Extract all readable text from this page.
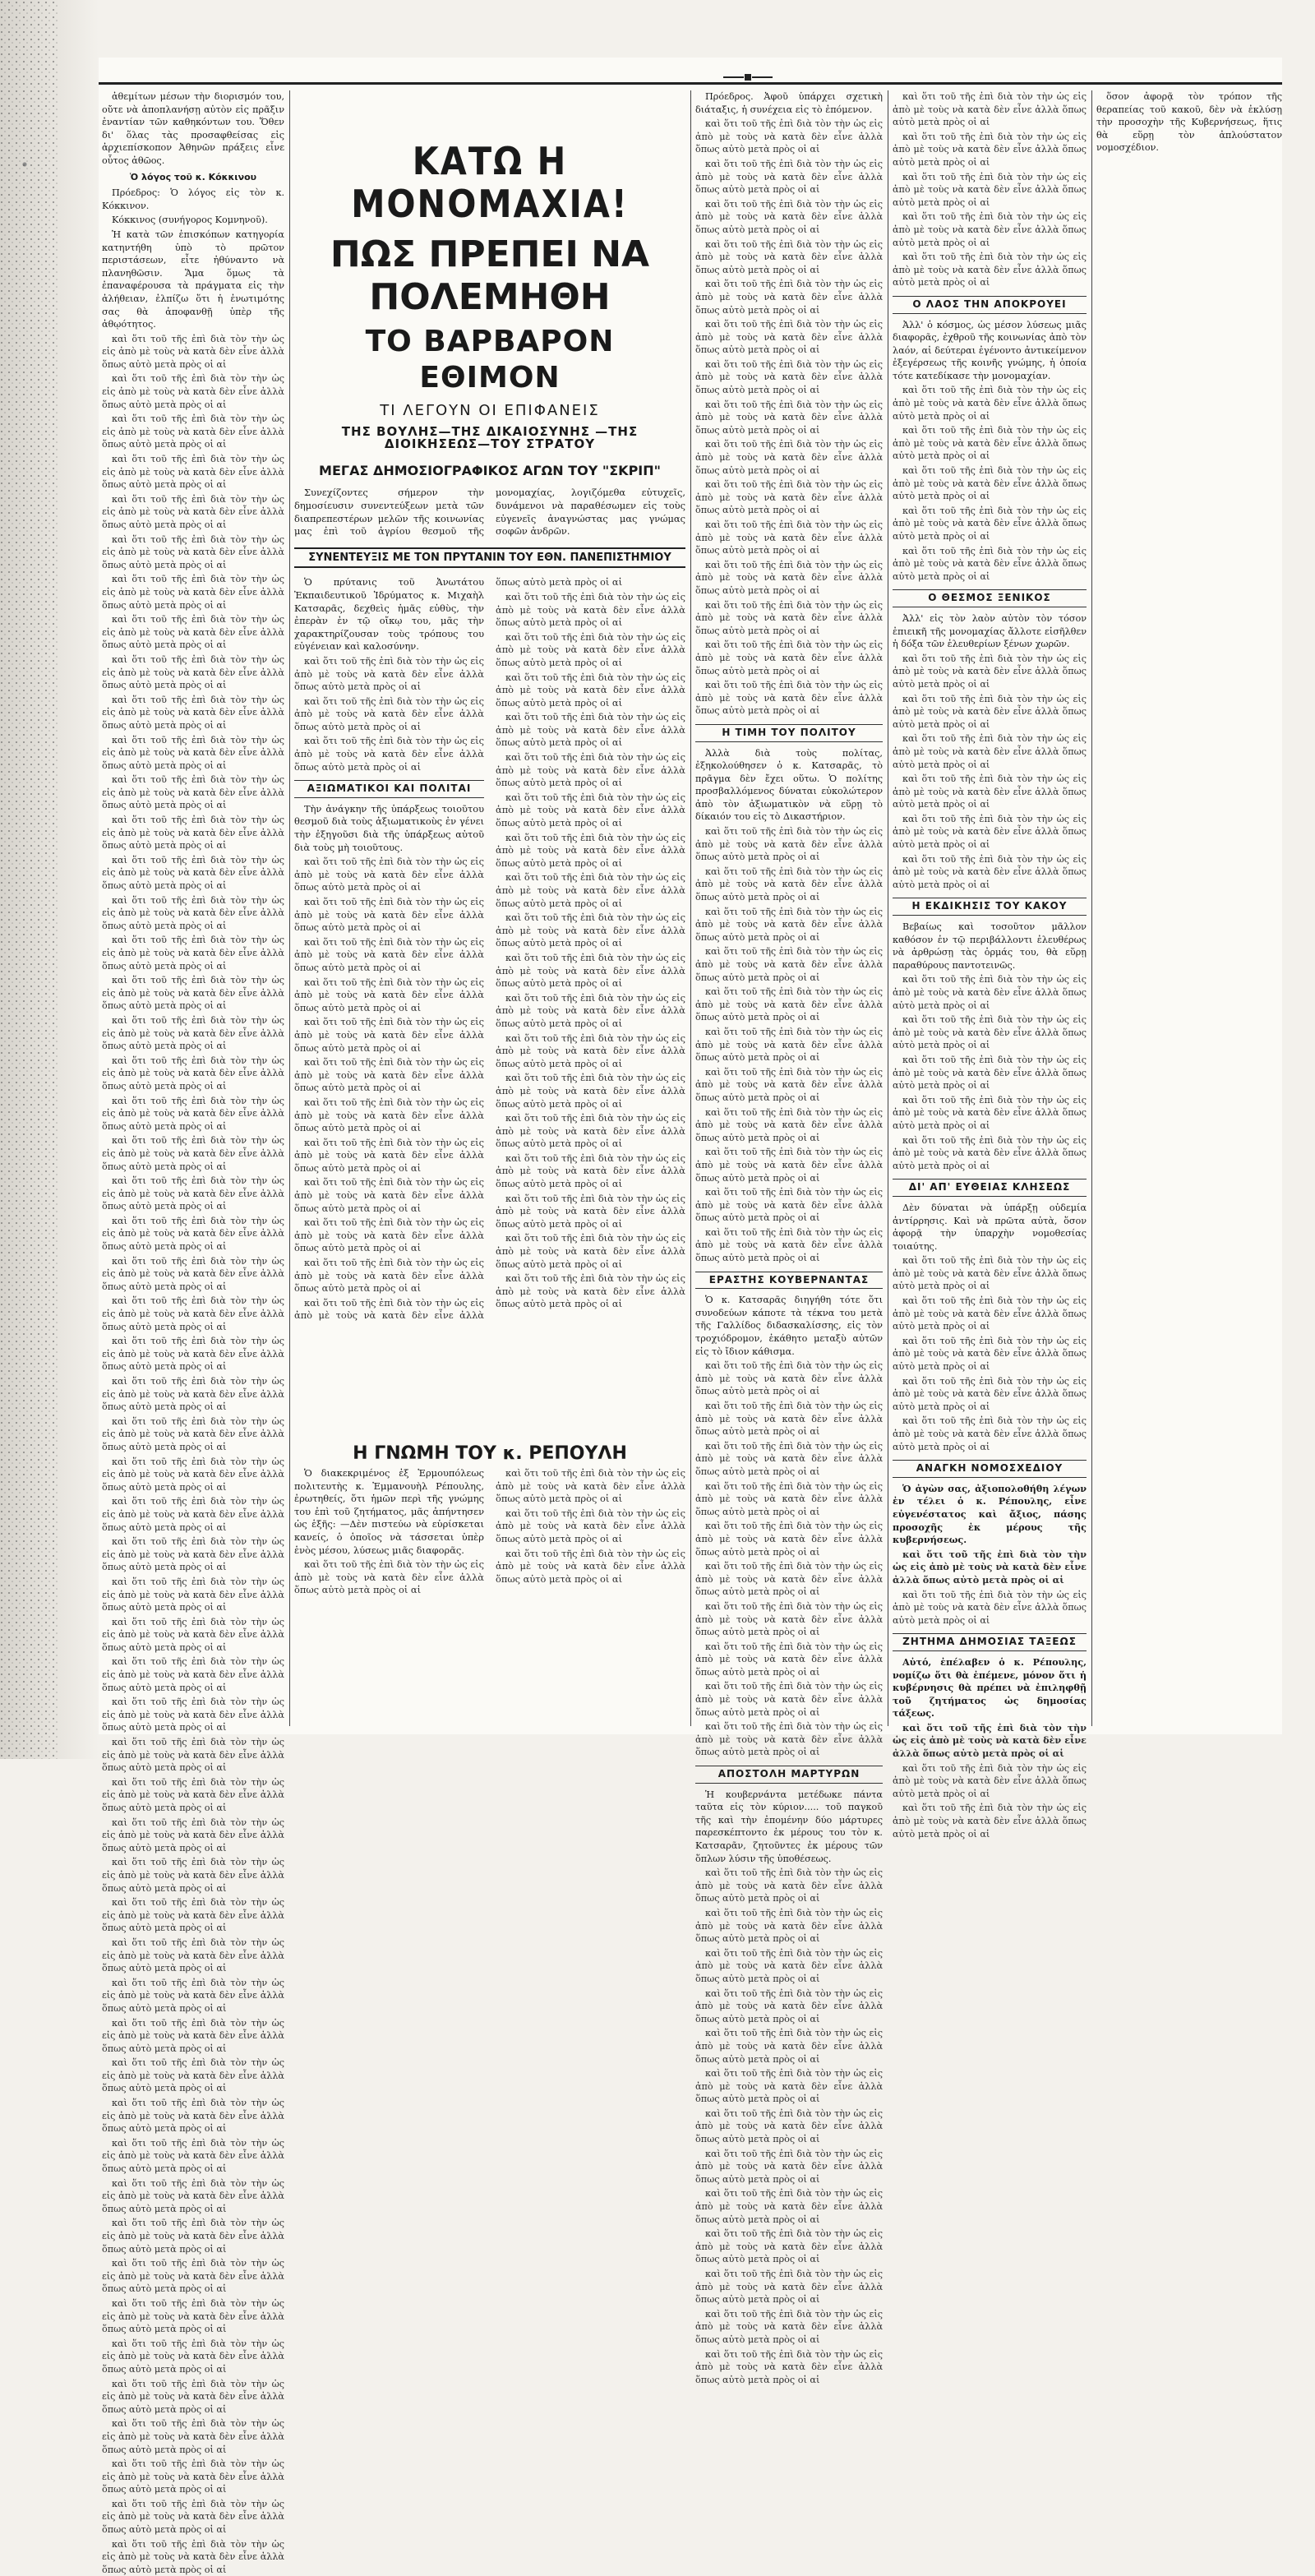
ἀθεμίτων μέσων τὴν διορισμόν του, οὔτε νὰ ἀποπλανήσῃ αὐτὸν εἰς πρᾶξιν ἐναντίαν τῶν καθηκόντων του. Ὅθεν δι' ὅλας τὰς προσαφθείσας εἰς ἀρχιεπίσκοπον Ἀθηνῶν πράξεις εἶνε οὗτος ἀθῶος.

Ὁ λόγος τοῦ κ. Κόκκινου

Πρόεδρος: Ὁ λόγος εἰς τὸν κ. Κόκκινον.

Κόκκινος (συνήγορος Κομνηνοῦ).

Ἡ κατὰ τῶν ἐπισκόπων κατηγορία κατηντήθη ὑπὸ τὸ πρῶτον περιστάσεων, εἶτε ἠθύναντο νὰ πλανηθῶσιν. Ἅμα ὅμως τὰ ἐπαναφέρουσα τὰ πράγματα εἰς τὴν ἀλήθειαν, ἐλπίζω ὅτι ἡ ἐνωτιμότης σας θὰ ἀποφανθῇ ὑπὲρ τῆς ἀθῳότητος.

καὶ ὅτι τοῦ τῆς ἐπὶ διὰ τὸν τὴν ὡς εἰς ἀπὸ μὲ τοὺς νὰ κατὰ δὲν εἶνε ἀλλὰ ὅπως αὐτὸ μετὰ πρὸς οἱ αἱ

καὶ ὅτι τοῦ τῆς ἐπὶ διὰ τὸν τὴν ὡς εἰς ἀπὸ μὲ τοὺς νὰ κατὰ δὲν εἶνε ἀλλὰ ὅπως αὐτὸ μετὰ πρὸς οἱ αἱ

καὶ ὅτι τοῦ τῆς ἐπὶ διὰ τὸν τὴν ὡς εἰς ἀπὸ μὲ τοὺς νὰ κατὰ δὲν εἶνε ἀλλὰ ὅπως αὐτὸ μετὰ πρὸς οἱ αἱ

καὶ ὅτι τοῦ τῆς ἐπὶ διὰ τὸν τὴν ὡς εἰς ἀπὸ μὲ τοὺς νὰ κατὰ δὲν εἶνε ἀλλὰ ὅπως αὐτὸ μετὰ πρὸς οἱ αἱ

καὶ ὅτι τοῦ τῆς ἐπὶ διὰ τὸν τὴν ὡς εἰς ἀπὸ μὲ τοὺς νὰ κατὰ δὲν εἶνε ἀλλὰ ὅπως αὐτὸ μετὰ πρὸς οἱ αἱ

καὶ ὅτι τοῦ τῆς ἐπὶ διὰ τὸν τὴν ὡς εἰς ἀπὸ μὲ τοὺς νὰ κατὰ δὲν εἶνε ἀλλὰ ὅπως αὐτὸ μετὰ πρὸς οἱ αἱ

καὶ ὅτι τοῦ τῆς ἐπὶ διὰ τὸν τὴν ὡς εἰς ἀπὸ μὲ τοὺς νὰ κατὰ δὲν εἶνε ἀλλὰ ὅπως αὐτὸ μετὰ πρὸς οἱ αἱ

καὶ ὅτι τοῦ τῆς ἐπὶ διὰ τὸν τὴν ὡς εἰς ἀπὸ μὲ τοὺς νὰ κατὰ δὲν εἶνε ἀλλὰ ὅπως αὐτὸ μετὰ πρὸς οἱ αἱ

καὶ ὅτι τοῦ τῆς ἐπὶ διὰ τὸν τὴν ὡς εἰς ἀπὸ μὲ τοὺς νὰ κατὰ δὲν εἶνε ἀλλὰ ὅπως αὐτὸ μετὰ πρὸς οἱ αἱ

καὶ ὅτι τοῦ τῆς ἐπὶ διὰ τὸν τὴν ὡς εἰς ἀπὸ μὲ τοὺς νὰ κατὰ δὲν εἶνε ἀλλὰ ὅπως αὐτὸ μετὰ πρὸς οἱ αἱ

καὶ ὅτι τοῦ τῆς ἐπὶ διὰ τὸν τὴν ὡς εἰς ἀπὸ μὲ τοὺς νὰ κατὰ δὲν εἶνε ἀλλὰ ὅπως αὐτὸ μετὰ πρὸς οἱ αἱ

καὶ ὅτι τοῦ τῆς ἐπὶ διὰ τὸν τὴν ὡς εἰς ἀπὸ μὲ τοὺς νὰ κατὰ δὲν εἶνε ἀλλὰ ὅπως αὐτὸ μετὰ πρὸς οἱ αἱ

καὶ ὅτι τοῦ τῆς ἐπὶ διὰ τὸν τὴν ὡς εἰς ἀπὸ μὲ τοὺς νὰ κατὰ δὲν εἶνε ἀλλὰ ὅπως αὐτὸ μετὰ πρὸς οἱ αἱ

καὶ ὅτι τοῦ τῆς ἐπὶ διὰ τὸν τὴν ὡς εἰς ἀπὸ μὲ τοὺς νὰ κατὰ δὲν εἶνε ἀλλὰ ὅπως αὐτὸ μετὰ πρὸς οἱ αἱ

καὶ ὅτι τοῦ τῆς ἐπὶ διὰ τὸν τὴν ὡς εἰς ἀπὸ μὲ τοὺς νὰ κατὰ δὲν εἶνε ἀλλὰ ὅπως αὐτὸ μετὰ πρὸς οἱ αἱ

καὶ ὅτι τοῦ τῆς ἐπὶ διὰ τὸν τὴν ὡς εἰς ἀπὸ μὲ τοὺς νὰ κατὰ δὲν εἶνε ἀλλὰ ὅπως αὐτὸ μετὰ πρὸς οἱ αἱ

καὶ ὅτι τοῦ τῆς ἐπὶ διὰ τὸν τὴν ὡς εἰς ἀπὸ μὲ τοὺς νὰ κατὰ δὲν εἶνε ἀλλὰ ὅπως αὐτὸ μετὰ πρὸς οἱ αἱ

καὶ ὅτι τοῦ τῆς ἐπὶ διὰ τὸν τὴν ὡς εἰς ἀπὸ μὲ τοὺς νὰ κατὰ δὲν εἶνε ἀλλὰ ὅπως αὐτὸ μετὰ πρὸς οἱ αἱ

καὶ ὅτι τοῦ τῆς ἐπὶ διὰ τὸν τὴν ὡς εἰς ἀπὸ μὲ τοὺς νὰ κατὰ δὲν εἶνε ἀλλὰ ὅπως αὐτὸ μετὰ πρὸς οἱ αἱ

καὶ ὅτι τοῦ τῆς ἐπὶ διὰ τὸν τὴν ὡς εἰς ἀπὸ μὲ τοὺς νὰ κατὰ δὲν εἶνε ἀλλὰ ὅπως αὐτὸ μετὰ πρὸς οἱ αἱ

καὶ ὅτι τοῦ τῆς ἐπὶ διὰ τὸν τὴν ὡς εἰς ἀπὸ μὲ τοὺς νὰ κατὰ δὲν εἶνε ἀλλὰ ὅπως αὐτὸ μετὰ πρὸς οἱ αἱ

καὶ ὅτι τοῦ τῆς ἐπὶ διὰ τὸν τὴν ὡς εἰς ἀπὸ μὲ τοὺς νὰ κατὰ δὲν εἶνε ἀλλὰ ὅπως αὐτὸ μετὰ πρὸς οἱ αἱ

καὶ ὅτι τοῦ τῆς ἐπὶ διὰ τὸν τὴν ὡς εἰς ἀπὸ μὲ τοὺς νὰ κατὰ δὲν εἶνε ἀλλὰ ὅπως αὐτὸ μετὰ πρὸς οἱ αἱ

καὶ ὅτι τοῦ τῆς ἐπὶ διὰ τὸν τὴν ὡς εἰς ἀπὸ μὲ τοὺς νὰ κατὰ δὲν εἶνε ἀλλὰ ὅπως αὐτὸ μετὰ πρὸς οἱ αἱ

καὶ ὅτι τοῦ τῆς ἐπὶ διὰ τὸν τὴν ὡς εἰς ἀπὸ μὲ τοὺς νὰ κατὰ δὲν εἶνε ἀλλὰ ὅπως αὐτὸ μετὰ πρὸς οἱ αἱ

καὶ ὅτι τοῦ τῆς ἐπὶ διὰ τὸν τὴν ὡς εἰς ἀπὸ μὲ τοὺς νὰ κατὰ δὲν εἶνε ἀλλὰ ὅπως αὐτὸ μετὰ πρὸς οἱ αἱ

καὶ ὅτι τοῦ τῆς ἐπὶ διὰ τὸν τὴν ὡς εἰς ἀπὸ μὲ τοὺς νὰ κατὰ δὲν εἶνε ἀλλὰ ὅπως αὐτὸ μετὰ πρὸς οἱ αἱ

καὶ ὅτι τοῦ τῆς ἐπὶ διὰ τὸν τὴν ὡς εἰς ἀπὸ μὲ τοὺς νὰ κατὰ δὲν εἶνε ἀλλὰ ὅπως αὐτὸ μετὰ πρὸς οἱ αἱ

καὶ ὅτι τοῦ τῆς ἐπὶ διὰ τὸν τὴν ὡς εἰς ἀπὸ μὲ τοὺς νὰ κατὰ δὲν εἶνε ἀλλὰ ὅπως αὐτὸ μετὰ πρὸς οἱ αἱ

καὶ ὅτι τοῦ τῆς ἐπὶ διὰ τὸν τὴν ὡς εἰς ἀπὸ μὲ τοὺς νὰ κατὰ δὲν εἶνε ἀλλὰ ὅπως αὐτὸ μετὰ πρὸς οἱ αἱ

καὶ ὅτι τοῦ τῆς ἐπὶ διὰ τὸν τὴν ὡς εἰς ἀπὸ μὲ τοὺς νὰ κατὰ δὲν εἶνε ἀλλὰ ὅπως αὐτὸ μετὰ πρὸς οἱ αἱ

καὶ ὅτι τοῦ τῆς ἐπὶ διὰ τὸν τὴν ὡς εἰς ἀπὸ μὲ τοὺς νὰ κατὰ δὲν εἶνε ἀλλὰ ὅπως αὐτὸ μετὰ πρὸς οἱ αἱ

καὶ ὅτι τοῦ τῆς ἐπὶ διὰ τὸν τὴν ὡς εἰς ἀπὸ μὲ τοὺς νὰ κατὰ δὲν εἶνε ἀλλὰ ὅπως αὐτὸ μετὰ πρὸς οἱ αἱ

καὶ ὅτι τοῦ τῆς ἐπὶ διὰ τὸν τὴν ὡς εἰς ἀπὸ μὲ τοὺς νὰ κατὰ δὲν εἶνε ἀλλὰ ὅπως αὐτὸ μετὰ πρὸς οἱ αἱ

καὶ ὅτι τοῦ τῆς ἐπὶ διὰ τὸν τὴν ὡς εἰς ἀπὸ μὲ τοὺς νὰ κατὰ δὲν εἶνε ἀλλὰ ὅπως αὐτὸ μετὰ πρὸς οἱ αἱ

καὶ ὅτι τοῦ τῆς ἐπὶ διὰ τὸν τὴν ὡς εἰς ἀπὸ μὲ τοὺς νὰ κατὰ δὲν εἶνε ἀλλὰ ὅπως αὐτὸ μετὰ πρὸς οἱ αἱ

καὶ ὅτι τοῦ τῆς ἐπὶ διὰ τὸν τὴν ὡς εἰς ἀπὸ μὲ τοὺς νὰ κατὰ δὲν εἶνε ἀλλὰ ὅπως αὐτὸ μετὰ πρὸς οἱ αἱ

καὶ ὅτι τοῦ τῆς ἐπὶ διὰ τὸν τὴν ὡς εἰς ἀπὸ μὲ τοὺς νὰ κατὰ δὲν εἶνε ἀλλὰ ὅπως αὐτὸ μετὰ πρὸς οἱ αἱ

καὶ ὅτι τοῦ τῆς ἐπὶ διὰ τὸν τὴν ὡς εἰς ἀπὸ μὲ τοὺς νὰ κατὰ δὲν εἶνε ἀλλὰ ὅπως αὐτὸ μετὰ πρὸς οἱ αἱ

καὶ ὅτι τοῦ τῆς ἐπὶ διὰ τὸν τὴν ὡς εἰς ἀπὸ μὲ τοὺς νὰ κατὰ δὲν εἶνε ἀλλὰ ὅπως αὐτὸ μετὰ πρὸς οἱ αἱ

καὶ ὅτι τοῦ τῆς ἐπὶ διὰ τὸν τὴν ὡς εἰς ἀπὸ μὲ τοὺς νὰ κατὰ δὲν εἶνε ἀλλὰ ὅπως αὐτὸ μετὰ πρὸς οἱ αἱ

καὶ ὅτι τοῦ τῆς ἐπὶ διὰ τὸν τὴν ὡς εἰς ἀπὸ μὲ τοὺς νὰ κατὰ δὲν εἶνε ἀλλὰ ὅπως αὐτὸ μετὰ πρὸς οἱ αἱ

καὶ ὅτι τοῦ τῆς ἐπὶ διὰ τὸν τὴν ὡς εἰς ἀπὸ μὲ τοὺς νὰ κατὰ δὲν εἶνε ἀλλὰ ὅπως αὐτὸ μετὰ πρὸς οἱ αἱ

καὶ ὅτι τοῦ τῆς ἐπὶ διὰ τὸν τὴν ὡς εἰς ἀπὸ μὲ τοὺς νὰ κατὰ δὲν εἶνε ἀλλὰ ὅπως αὐτὸ μετὰ πρὸς οἱ αἱ

καὶ ὅτι τοῦ τῆς ἐπὶ διὰ τὸν τὴν ὡς εἰς ἀπὸ μὲ τοὺς νὰ κατὰ δὲν εἶνε ἀλλὰ ὅπως αὐτὸ μετὰ πρὸς οἱ αἱ

καὶ ὅτι τοῦ τῆς ἐπὶ διὰ τὸν τὴν ὡς εἰς ἀπὸ μὲ τοὺς νὰ κατὰ δὲν εἶνε ἀλλὰ ὅπως αὐτὸ μετὰ πρὸς οἱ αἱ

καὶ ὅτι τοῦ τῆς ἐπὶ διὰ τὸν τὴν ὡς εἰς ἀπὸ μὲ τοὺς νὰ κατὰ δὲν εἶνε ἀλλὰ ὅπως αὐτὸ μετὰ πρὸς οἱ αἱ

καὶ ὅτι τοῦ τῆς ἐπὶ διὰ τὸν τὴν ὡς εἰς ἀπὸ μὲ τοὺς νὰ κατὰ δὲν εἶνε ἀλλὰ ὅπως αὐτὸ μετὰ πρὸς οἱ αἱ

καὶ ὅτι τοῦ τῆς ἐπὶ διὰ τὸν τὴν ὡς εἰς ἀπὸ μὲ τοὺς νὰ κατὰ δὲν εἶνε ἀλλὰ ὅπως αὐτὸ μετὰ πρὸς οἱ αἱ

καὶ ὅτι τοῦ τῆς ἐπὶ διὰ τὸν τὴν ὡς εἰς ἀπὸ μὲ τοὺς νὰ κατὰ δὲν εἶνε ἀλλὰ ὅπως αὐτὸ μετὰ πρὸς οἱ αἱ

καὶ ὅτι τοῦ τῆς ἐπὶ διὰ τὸν τὴν ὡς εἰς ἀπὸ μὲ τοὺς νὰ κατὰ δὲν εἶνε ἀλλὰ ὅπως αὐτὸ μετὰ πρὸς οἱ αἱ

καὶ ὅτι τοῦ τῆς ἐπὶ διὰ τὸν τὴν ὡς εἰς ἀπὸ μὲ τοὺς νὰ κατὰ δὲν εἶνε ἀλλὰ ὅπως αὐτὸ μετὰ πρὸς οἱ αἱ

καὶ ὅτι τοῦ τῆς ἐπὶ διὰ τὸν τὴν ὡς εἰς ἀπὸ μὲ τοὺς νὰ κατὰ δὲν εἶνε ἀλλὰ ὅπως αὐτὸ μετὰ πρὸς οἱ αἱ

καὶ ὅτι τοῦ τῆς ἐπὶ διὰ τὸν τὴν ὡς εἰς ἀπὸ μὲ τοὺς νὰ κατὰ δὲν εἶνε ἀλλὰ ὅπως αὐτὸ μετὰ πρὸς οἱ αἱ

καὶ ὅτι τοῦ τῆς ἐπὶ διὰ τὸν τὴν ὡς εἰς ἀπὸ μὲ τοὺς νὰ κατὰ δὲν εἶνε ἀλλὰ ὅπως αὐτὸ μετὰ πρὸς οἱ αἱ

καὶ ὅτι τοῦ τῆς ἐπὶ διὰ τὸν τὴν ὡς εἰς ἀπὸ μὲ τοὺς νὰ κατὰ δὲν εἶνε ἀλλὰ ὅπως αὐτὸ μετὰ πρὸς οἱ αἱ

ΚΑΤΩ Η ΜΟΝΟΜΑΧΙΑ!
ΠΩΣ ΠΡΕΠΕΙ ΝΑ ΠΟΛΕΜΗΘΗ
ΤΟ ΒΑΡΒΑΡΟΝ ΕΘΙΜΟΝ
ΤΙ ΛΕΓΟΥΝ ΟΙ ΕΠΙΦΑΝΕΙΣ
ΤΗΣ ΒΟΥΛΗΣ—ΤΗΣ ΔΙΚΑΙΟΣΥΝΗΣ —ΤΗΣ ΔΙΟΙΚΗΣΕΩΣ—ΤΟΥ ΣΤΡΑΤΟΥ
ΜΕΓΑΣ ΔΗΜΟΣΙΟΓΡΑΦΙΚΟΣ ΑΓΩΝ ΤΟΥ "ΣΚΡΙΠ"

Συνεχίζοντες σήμερον τὴν δημοσίευσιν συνεντεύξεων μετὰ τῶν διαπρεπεστέρων μελῶν τῆς κοινωνίας μας ἐπὶ τοῦ ἀγρίου θεσμοῦ τῆς μονομαχίας, λογιζόμεθα εὐτυχεῖς, δυνάμενοι νὰ παραθέσωμεν εἰς τοὺς εὐγενεῖς ἀναγνώστας μας γνώμας σοφῶν ἀνδρῶν.

ΣΥΝΕΝΤΕΥΞΙΣ ΜΕ ΤΟΝ ΠΡΥΤΑΝΙΝ ΤΟΥ ΕΘΝ. ΠΑΝΕΠΙΣΤΗΜΙΟΥ

Ὁ πρύτανις τοῦ Ἀνωτάτου Ἐκπαιδευτικοῦ Ἱδρύματος κ. Μιχαὴλ Κατσαρᾶς, δεχθεὶς ἡμᾶς εὐθὺς, τὴν ἐπερὰν ἐν τῷ οἴκῳ του, μᾶς τὴν χαρακτηρίζουσαν τοὺς τρόπους του εὐγένειαν καὶ καλοσύνην.

καὶ ὅτι τοῦ τῆς ἐπὶ διὰ τὸν τὴν ὡς εἰς ἀπὸ μὲ τοὺς νὰ κατὰ δὲν εἶνε ἀλλὰ ὅπως αὐτὸ μετὰ πρὸς οἱ αἱ

καὶ ὅτι τοῦ τῆς ἐπὶ διὰ τὸν τὴν ὡς εἰς ἀπὸ μὲ τοὺς νὰ κατὰ δὲν εἶνε ἀλλὰ ὅπως αὐτὸ μετὰ πρὸς οἱ αἱ

καὶ ὅτι τοῦ τῆς ἐπὶ διὰ τὸν τὴν ὡς εἰς ἀπὸ μὲ τοὺς νὰ κατὰ δὲν εἶνε ἀλλὰ ὅπως αὐτὸ μετὰ πρὸς οἱ αἱ

ΑΞΙΩΜΑΤΙΚΟΙ ΚΑΙ ΠΟΛΙΤΑΙ

Τὴν ἀνάγκην τῆς ὑπάρξεως τοιοῦτου θεσμοῦ διὰ τοὺς ἀξιωματικοὺς ἐν γένει τὴν ἐξηγοῦσι διὰ τῆς ὑπάρξεως αὐτοῦ διὰ τοὺς μὴ τοιοῦτους.

καὶ ὅτι τοῦ τῆς ἐπὶ διὰ τὸν τὴν ὡς εἰς ἀπὸ μὲ τοὺς νὰ κατὰ δὲν εἶνε ἀλλὰ ὅπως αὐτὸ μετὰ πρὸς οἱ αἱ

καὶ ὅτι τοῦ τῆς ἐπὶ διὰ τὸν τὴν ὡς εἰς ἀπὸ μὲ τοὺς νὰ κατὰ δὲν εἶνε ἀλλὰ ὅπως αὐτὸ μετὰ πρὸς οἱ αἱ

καὶ ὅτι τοῦ τῆς ἐπὶ διὰ τὸν τὴν ὡς εἰς ἀπὸ μὲ τοὺς νὰ κατὰ δὲν εἶνε ἀλλὰ ὅπως αὐτὸ μετὰ πρὸς οἱ αἱ

καὶ ὅτι τοῦ τῆς ἐπὶ διὰ τὸν τὴν ὡς εἰς ἀπὸ μὲ τοὺς νὰ κατὰ δὲν εἶνε ἀλλὰ ὅπως αὐτὸ μετὰ πρὸς οἱ αἱ

καὶ ὅτι τοῦ τῆς ἐπὶ διὰ τὸν τὴν ὡς εἰς ἀπὸ μὲ τοὺς νὰ κατὰ δὲν εἶνε ἀλλὰ ὅπως αὐτὸ μετὰ πρὸς οἱ αἱ

καὶ ὅτι τοῦ τῆς ἐπὶ διὰ τὸν τὴν ὡς εἰς ἀπὸ μὲ τοὺς νὰ κατὰ δὲν εἶνε ἀλλὰ ὅπως αὐτὸ μετὰ πρὸς οἱ αἱ

καὶ ὅτι τοῦ τῆς ἐπὶ διὰ τὸν τὴν ὡς εἰς ἀπὸ μὲ τοὺς νὰ κατὰ δὲν εἶνε ἀλλὰ ὅπως αὐτὸ μετὰ πρὸς οἱ αἱ

καὶ ὅτι τοῦ τῆς ἐπὶ διὰ τὸν τὴν ὡς εἰς ἀπὸ μὲ τοὺς νὰ κατὰ δὲν εἶνε ἀλλὰ ὅπως αὐτὸ μετὰ πρὸς οἱ αἱ

καὶ ὅτι τοῦ τῆς ἐπὶ διὰ τὸν τὴν ὡς εἰς ἀπὸ μὲ τοὺς νὰ κατὰ δὲν εἶνε ἀλλὰ ὅπως αὐτὸ μετὰ πρὸς οἱ αἱ

καὶ ὅτι τοῦ τῆς ἐπὶ διὰ τὸν τὴν ὡς εἰς ἀπὸ μὲ τοὺς νὰ κατὰ δὲν εἶνε ἀλλὰ ὅπως αὐτὸ μετὰ πρὸς οἱ αἱ

καὶ ὅτι τοῦ τῆς ἐπὶ διὰ τὸν τὴν ὡς εἰς ἀπὸ μὲ τοὺς νὰ κατὰ δὲν εἶνε ἀλλὰ ὅπως αὐτὸ μετὰ πρὸς οἱ αἱ

καὶ ὅτι τοῦ τῆς ἐπὶ διὰ τὸν τὴν ὡς εἰς ἀπὸ μὲ τοὺς νὰ κατὰ δὲν εἶνε ἀλλὰ ὅπως αὐτὸ μετὰ πρὸς οἱ αἱ

καὶ ὅτι τοῦ τῆς ἐπὶ διὰ τὸν τὴν ὡς εἰς ἀπὸ μὲ τοὺς νὰ κατὰ δὲν εἶνε ἀλλὰ ὅπως αὐτὸ μετὰ πρὸς οἱ αἱ

καὶ ὅτι τοῦ τῆς ἐπὶ διὰ τὸν τὴν ὡς εἰς ἀπὸ μὲ τοὺς νὰ κατὰ δὲν εἶνε ἀλλὰ ὅπως αὐτὸ μετὰ πρὸς οἱ αἱ

καὶ ὅτι τοῦ τῆς ἐπὶ διὰ τὸν τὴν ὡς εἰς ἀπὸ μὲ τοὺς νὰ κατὰ δὲν εἶνε ἀλλὰ ὅπως αὐτὸ μετὰ πρὸς οἱ αἱ

καὶ ὅτι τοῦ τῆς ἐπὶ διὰ τὸν τὴν ὡς εἰς ἀπὸ μὲ τοὺς νὰ κατὰ δὲν εἶνε ἀλλὰ ὅπως αὐτὸ μετὰ πρὸς οἱ αἱ

καὶ ὅτι τοῦ τῆς ἐπὶ διὰ τὸν τὴν ὡς εἰς ἀπὸ μὲ τοὺς νὰ κατὰ δὲν εἶνε ἀλλὰ ὅπως αὐτὸ μετὰ πρὸς οἱ αἱ

καὶ ὅτι τοῦ τῆς ἐπὶ διὰ τὸν τὴν ὡς εἰς ἀπὸ μὲ τοὺς νὰ κατὰ δὲν εἶνε ἀλλὰ ὅπως αὐτὸ μετὰ πρὸς οἱ αἱ

καὶ ὅτι τοῦ τῆς ἐπὶ διὰ τὸν τὴν ὡς εἰς ἀπὸ μὲ τοὺς νὰ κατὰ δὲν εἶνε ἀλλὰ ὅπως αὐτὸ μετὰ πρὸς οἱ αἱ

καὶ ὅτι τοῦ τῆς ἐπὶ διὰ τὸν τὴν ὡς εἰς ἀπὸ μὲ τοὺς νὰ κατὰ δὲν εἶνε ἀλλὰ ὅπως αὐτὸ μετὰ πρὸς οἱ αἱ

καὶ ὅτι τοῦ τῆς ἐπὶ διὰ τὸν τὴν ὡς εἰς ἀπὸ μὲ τοὺς νὰ κατὰ δὲν εἶνε ἀλλὰ ὅπως αὐτὸ μετὰ πρὸς οἱ αἱ

καὶ ὅτι τοῦ τῆς ἐπὶ διὰ τὸν τὴν ὡς εἰς ἀπὸ μὲ τοὺς νὰ κατὰ δὲν εἶνε ἀλλὰ ὅπως αὐτὸ μετὰ πρὸς οἱ αἱ

καὶ ὅτι τοῦ τῆς ἐπὶ διὰ τὸν τὴν ὡς εἰς ἀπὸ μὲ τοὺς νὰ κατὰ δὲν εἶνε ἀλλὰ ὅπως αὐτὸ μετὰ πρὸς οἱ αἱ

καὶ ὅτι τοῦ τῆς ἐπὶ διὰ τὸν τὴν ὡς εἰς ἀπὸ μὲ τοὺς νὰ κατὰ δὲν εἶνε ἀλλὰ ὅπως αὐτὸ μετὰ πρὸς οἱ αἱ

καὶ ὅτι τοῦ τῆς ἐπὶ διὰ τὸν τὴν ὡς εἰς ἀπὸ μὲ τοὺς νὰ κατὰ δὲν εἶνε ἀλλὰ ὅπως αὐτὸ μετὰ πρὸς οἱ αἱ

καὶ ὅτι τοῦ τῆς ἐπὶ διὰ τὸν τὴν ὡς εἰς ἀπὸ μὲ τοὺς νὰ κατὰ δὲν εἶνε ἀλλὰ ὅπως αὐτὸ μετὰ πρὸς οἱ αἱ

καὶ ὅτι τοῦ τῆς ἐπὶ διὰ τὸν τὴν ὡς εἰς ἀπὸ μὲ τοὺς νὰ κατὰ δὲν εἶνε ἀλλὰ ὅπως αὐτὸ μετὰ πρὸς οἱ αἱ

καὶ ὅτι τοῦ τῆς ἐπὶ διὰ τὸν τὴν ὡς εἰς ἀπὸ μὲ τοὺς νὰ κατὰ δὲν εἶνε ἀλλὰ ὅπως αὐτὸ μετὰ πρὸς οἱ αἱ

καὶ ὅτι τοῦ τῆς ἐπὶ διὰ τὸν τὴν ὡς εἰς ἀπὸ μὲ τοὺς νὰ κατὰ δὲν εἶνε ἀλλὰ ὅπως αὐτὸ μετὰ πρὸς οἱ αἱ

καὶ ὅτι τοῦ τῆς ἐπὶ διὰ τὸν τὴν ὡς εἰς ἀπὸ μὲ τοὺς νὰ κατὰ δὲν εἶνε ἀλλὰ ὅπως αὐτὸ μετὰ πρὸς οἱ αἱ

Η ΓΝΩΜΗ ΤΟΥ κ. ΡΕΠΟΥΛΗ

Ὁ διακεκριμένος ἐξ Ἑρμουπόλεως πολιτευτὴς κ. Ἐμμανουὴλ Ρέπουλης, ἐρωτηθείς, ὅτι ἡμῶν περὶ τῆς γνώμης του ἐπὶ τοῦ ζητήματος, μᾶς ἀπήντησεν ὡς ἑξῆς: —Δὲν πιστεύω νὰ εὑρίσκεται κανείς, ὁ ὁποῖος νὰ τάσσεται ὑπὲρ ἑνὸς μέσου, λύσεως μιᾶς διαφορᾶς.

καὶ ὅτι τοῦ τῆς ἐπὶ διὰ τὸν τὴν ὡς εἰς ἀπὸ μὲ τοὺς νὰ κατὰ δὲν εἶνε ἀλλὰ ὅπως αὐτὸ μετὰ πρὸς οἱ αἱ

καὶ ὅτι τοῦ τῆς ἐπὶ διὰ τὸν τὴν ὡς εἰς ἀπὸ μὲ τοὺς νὰ κατὰ δὲν εἶνε ἀλλὰ ὅπως αὐτὸ μετὰ πρὸς οἱ αἱ

καὶ ὅτι τοῦ τῆς ἐπὶ διὰ τὸν τὴν ὡς εἰς ἀπὸ μὲ τοὺς νὰ κατὰ δὲν εἶνε ἀλλὰ ὅπως αὐτὸ μετὰ πρὸς οἱ αἱ

καὶ ὅτι τοῦ τῆς ἐπὶ διὰ τὸν τὴν ὡς εἰς ἀπὸ μὲ τοὺς νὰ κατὰ δὲν εἶνε ἀλλὰ ὅπως αὐτὸ μετὰ πρὸς οἱ αἱ

Πρόεδρος. Ἀφοῦ ὑπάρχει σχετικὴ διάταξις, ἡ συνέχεια εἰς τὸ ἐπόμενον.

καὶ ὅτι τοῦ τῆς ἐπὶ διὰ τὸν τὴν ὡς εἰς ἀπὸ μὲ τοὺς νὰ κατὰ δὲν εἶνε ἀλλὰ ὅπως αὐτὸ μετὰ πρὸς οἱ αἱ

καὶ ὅτι τοῦ τῆς ἐπὶ διὰ τὸν τὴν ὡς εἰς ἀπὸ μὲ τοὺς νὰ κατὰ δὲν εἶνε ἀλλὰ ὅπως αὐτὸ μετὰ πρὸς οἱ αἱ

καὶ ὅτι τοῦ τῆς ἐπὶ διὰ τὸν τὴν ὡς εἰς ἀπὸ μὲ τοὺς νὰ κατὰ δὲν εἶνε ἀλλὰ ὅπως αὐτὸ μετὰ πρὸς οἱ αἱ

καὶ ὅτι τοῦ τῆς ἐπὶ διὰ τὸν τὴν ὡς εἰς ἀπὸ μὲ τοὺς νὰ κατὰ δὲν εἶνε ἀλλὰ ὅπως αὐτὸ μετὰ πρὸς οἱ αἱ

καὶ ὅτι τοῦ τῆς ἐπὶ διὰ τὸν τὴν ὡς εἰς ἀπὸ μὲ τοὺς νὰ κατὰ δὲν εἶνε ἀλλὰ ὅπως αὐτὸ μετὰ πρὸς οἱ αἱ

καὶ ὅτι τοῦ τῆς ἐπὶ διὰ τὸν τὴν ὡς εἰς ἀπὸ μὲ τοὺς νὰ κατὰ δὲν εἶνε ἀλλὰ ὅπως αὐτὸ μετὰ πρὸς οἱ αἱ

καὶ ὅτι τοῦ τῆς ἐπὶ διὰ τὸν τὴν ὡς εἰς ἀπὸ μὲ τοὺς νὰ κατὰ δὲν εἶνε ἀλλὰ ὅπως αὐτὸ μετὰ πρὸς οἱ αἱ

καὶ ὅτι τοῦ τῆς ἐπὶ διὰ τὸν τὴν ὡς εἰς ἀπὸ μὲ τοὺς νὰ κατὰ δὲν εἶνε ἀλλὰ ὅπως αὐτὸ μετὰ πρὸς οἱ αἱ

καὶ ὅτι τοῦ τῆς ἐπὶ διὰ τὸν τὴν ὡς εἰς ἀπὸ μὲ τοὺς νὰ κατὰ δὲν εἶνε ἀλλὰ ὅπως αὐτὸ μετὰ πρὸς οἱ αἱ

καὶ ὅτι τοῦ τῆς ἐπὶ διὰ τὸν τὴν ὡς εἰς ἀπὸ μὲ τοὺς νὰ κατὰ δὲν εἶνε ἀλλὰ ὅπως αὐτὸ μετὰ πρὸς οἱ αἱ

καὶ ὅτι τοῦ τῆς ἐπὶ διὰ τὸν τὴν ὡς εἰς ἀπὸ μὲ τοὺς νὰ κατὰ δὲν εἶνε ἀλλὰ ὅπως αὐτὸ μετὰ πρὸς οἱ αἱ

καὶ ὅτι τοῦ τῆς ἐπὶ διὰ τὸν τὴν ὡς εἰς ἀπὸ μὲ τοὺς νὰ κατὰ δὲν εἶνε ἀλλὰ ὅπως αὐτὸ μετὰ πρὸς οἱ αἱ

καὶ ὅτι τοῦ τῆς ἐπὶ διὰ τὸν τὴν ὡς εἰς ἀπὸ μὲ τοὺς νὰ κατὰ δὲν εἶνε ἀλλὰ ὅπως αὐτὸ μετὰ πρὸς οἱ αἱ

καὶ ὅτι τοῦ τῆς ἐπὶ διὰ τὸν τὴν ὡς εἰς ἀπὸ μὲ τοὺς νὰ κατὰ δὲν εἶνε ἀλλὰ ὅπως αὐτὸ μετὰ πρὸς οἱ αἱ

καὶ ὅτι τοῦ τῆς ἐπὶ διὰ τὸν τὴν ὡς εἰς ἀπὸ μὲ τοὺς νὰ κατὰ δὲν εἶνε ἀλλὰ ὅπως αὐτὸ μετὰ πρὸς οἱ αἱ

Η ΤΙΜΗ ΤΟΥ ΠΟΛΙΤΟΥ

Ἀλλὰ διὰ τοὺς πολίτας, ἐξηκολούθησεν ὁ κ. Κατσαρᾶς, τὸ πρᾶγμα δὲν ἔχει οὕτω. Ὁ πολίτης προσβαλλόμενος δύναται εὐκολώτερον ἀπὸ τὸν ἀξιωματικὸν νὰ εὕρῃ τὸ δίκαιόν του εἰς τὸ Δικαστήριον.

καὶ ὅτι τοῦ τῆς ἐπὶ διὰ τὸν τὴν ὡς εἰς ἀπὸ μὲ τοὺς νὰ κατὰ δὲν εἶνε ἀλλὰ ὅπως αὐτὸ μετὰ πρὸς οἱ αἱ

καὶ ὅτι τοῦ τῆς ἐπὶ διὰ τὸν τὴν ὡς εἰς ἀπὸ μὲ τοὺς νὰ κατὰ δὲν εἶνε ἀλλὰ ὅπως αὐτὸ μετὰ πρὸς οἱ αἱ

καὶ ὅτι τοῦ τῆς ἐπὶ διὰ τὸν τὴν ὡς εἰς ἀπὸ μὲ τοὺς νὰ κατὰ δὲν εἶνε ἀλλὰ ὅπως αὐτὸ μετὰ πρὸς οἱ αἱ

καὶ ὅτι τοῦ τῆς ἐπὶ διὰ τὸν τὴν ὡς εἰς ἀπὸ μὲ τοὺς νὰ κατὰ δὲν εἶνε ἀλλὰ ὅπως αὐτὸ μετὰ πρὸς οἱ αἱ

καὶ ὅτι τοῦ τῆς ἐπὶ διὰ τὸν τὴν ὡς εἰς ἀπὸ μὲ τοὺς νὰ κατὰ δὲν εἶνε ἀλλὰ ὅπως αὐτὸ μετὰ πρὸς οἱ αἱ

καὶ ὅτι τοῦ τῆς ἐπὶ διὰ τὸν τὴν ὡς εἰς ἀπὸ μὲ τοὺς νὰ κατὰ δὲν εἶνε ἀλλὰ ὅπως αὐτὸ μετὰ πρὸς οἱ αἱ

καὶ ὅτι τοῦ τῆς ἐπὶ διὰ τὸν τὴν ὡς εἰς ἀπὸ μὲ τοὺς νὰ κατὰ δὲν εἶνε ἀλλὰ ὅπως αὐτὸ μετὰ πρὸς οἱ αἱ

καὶ ὅτι τοῦ τῆς ἐπὶ διὰ τὸν τὴν ὡς εἰς ἀπὸ μὲ τοὺς νὰ κατὰ δὲν εἶνε ἀλλὰ ὅπως αὐτὸ μετὰ πρὸς οἱ αἱ

καὶ ὅτι τοῦ τῆς ἐπὶ διὰ τὸν τὴν ὡς εἰς ἀπὸ μὲ τοὺς νὰ κατὰ δὲν εἶνε ἀλλὰ ὅπως αὐτὸ μετὰ πρὸς οἱ αἱ

καὶ ὅτι τοῦ τῆς ἐπὶ διὰ τὸν τὴν ὡς εἰς ἀπὸ μὲ τοὺς νὰ κατὰ δὲν εἶνε ἀλλὰ ὅπως αὐτὸ μετὰ πρὸς οἱ αἱ

καὶ ὅτι τοῦ τῆς ἐπὶ διὰ τὸν τὴν ὡς εἰς ἀπὸ μὲ τοὺς νὰ κατὰ δὲν εἶνε ἀλλὰ ὅπως αὐτὸ μετὰ πρὸς οἱ αἱ

ΕΡΑΣΤΗΣ ΚΟΥΒΕΡΝΑΝΤΑΣ

Ὁ κ. Κατσαρᾶς διηγήθη τότε ὅτι συνοδεύων κάποτε τὰ τέκνα του μετὰ τῆς Γαλλίδος διδασκαλίσσης, εἰς τὸν τροχιόδρομον, ἐκάθητο μεταξὺ αὐτῶν εἰς τὸ ἴδιον κάθισμα.

καὶ ὅτι τοῦ τῆς ἐπὶ διὰ τὸν τὴν ὡς εἰς ἀπὸ μὲ τοὺς νὰ κατὰ δὲν εἶνε ἀλλὰ ὅπως αὐτὸ μετὰ πρὸς οἱ αἱ

καὶ ὅτι τοῦ τῆς ἐπὶ διὰ τὸν τὴν ὡς εἰς ἀπὸ μὲ τοὺς νὰ κατὰ δὲν εἶνε ἀλλὰ ὅπως αὐτὸ μετὰ πρὸς οἱ αἱ

καὶ ὅτι τοῦ τῆς ἐπὶ διὰ τὸν τὴν ὡς εἰς ἀπὸ μὲ τοὺς νὰ κατὰ δὲν εἶνε ἀλλὰ ὅπως αὐτὸ μετὰ πρὸς οἱ αἱ

καὶ ὅτι τοῦ τῆς ἐπὶ διὰ τὸν τὴν ὡς εἰς ἀπὸ μὲ τοὺς νὰ κατὰ δὲν εἶνε ἀλλὰ ὅπως αὐτὸ μετὰ πρὸς οἱ αἱ

καὶ ὅτι τοῦ τῆς ἐπὶ διὰ τὸν τὴν ὡς εἰς ἀπὸ μὲ τοὺς νὰ κατὰ δὲν εἶνε ἀλλὰ ὅπως αὐτὸ μετὰ πρὸς οἱ αἱ

καὶ ὅτι τοῦ τῆς ἐπὶ διὰ τὸν τὴν ὡς εἰς ἀπὸ μὲ τοὺς νὰ κατὰ δὲν εἶνε ἀλλὰ ὅπως αὐτὸ μετὰ πρὸς οἱ αἱ

καὶ ὅτι τοῦ τῆς ἐπὶ διὰ τὸν τὴν ὡς εἰς ἀπὸ μὲ τοὺς νὰ κατὰ δὲν εἶνε ἀλλὰ ὅπως αὐτὸ μετὰ πρὸς οἱ αἱ

καὶ ὅτι τοῦ τῆς ἐπὶ διὰ τὸν τὴν ὡς εἰς ἀπὸ μὲ τοὺς νὰ κατὰ δὲν εἶνε ἀλλὰ ὅπως αὐτὸ μετὰ πρὸς οἱ αἱ

καὶ ὅτι τοῦ τῆς ἐπὶ διὰ τὸν τὴν ὡς εἰς ἀπὸ μὲ τοὺς νὰ κατὰ δὲν εἶνε ἀλλὰ ὅπως αὐτὸ μετὰ πρὸς οἱ αἱ

καὶ ὅτι τοῦ τῆς ἐπὶ διὰ τὸν τὴν ὡς εἰς ἀπὸ μὲ τοὺς νὰ κατὰ δὲν εἶνε ἀλλὰ ὅπως αὐτὸ μετὰ πρὸς οἱ αἱ

ΑΠΟΣΤΟΛΗ ΜΑΡΤΥΡΩΝ

Ἡ κουβερνάντα μετέδωκε πάντα ταῦτα εἰς τὸν κύριον..... τοῦ παγκοῦ τῆς καὶ τὴν ἐπομένην δύο μάρτυρες παρεσκέπτοντο ἐκ μέρους του τὸν κ. Κατσαρᾶν, ζητοῦντες ἐκ μέρους τῶν ὅπλων λύσιν τῆς ὑποθέσεως.

καὶ ὅτι τοῦ τῆς ἐπὶ διὰ τὸν τὴν ὡς εἰς ἀπὸ μὲ τοὺς νὰ κατὰ δὲν εἶνε ἀλλὰ ὅπως αὐτὸ μετὰ πρὸς οἱ αἱ

καὶ ὅτι τοῦ τῆς ἐπὶ διὰ τὸν τὴν ὡς εἰς ἀπὸ μὲ τοὺς νὰ κατὰ δὲν εἶνε ἀλλὰ ὅπως αὐτὸ μετὰ πρὸς οἱ αἱ

καὶ ὅτι τοῦ τῆς ἐπὶ διὰ τὸν τὴν ὡς εἰς ἀπὸ μὲ τοὺς νὰ κατὰ δὲν εἶνε ἀλλὰ ὅπως αὐτὸ μετὰ πρὸς οἱ αἱ

καὶ ὅτι τοῦ τῆς ἐπὶ διὰ τὸν τὴν ὡς εἰς ἀπὸ μὲ τοὺς νὰ κατὰ δὲν εἶνε ἀλλὰ ὅπως αὐτὸ μετὰ πρὸς οἱ αἱ

καὶ ὅτι τοῦ τῆς ἐπὶ διὰ τὸν τὴν ὡς εἰς ἀπὸ μὲ τοὺς νὰ κατὰ δὲν εἶνε ἀλλὰ ὅπως αὐτὸ μετὰ πρὸς οἱ αἱ

καὶ ὅτι τοῦ τῆς ἐπὶ διὰ τὸν τὴν ὡς εἰς ἀπὸ μὲ τοὺς νὰ κατὰ δὲν εἶνε ἀλλὰ ὅπως αὐτὸ μετὰ πρὸς οἱ αἱ

καὶ ὅτι τοῦ τῆς ἐπὶ διὰ τὸν τὴν ὡς εἰς ἀπὸ μὲ τοὺς νὰ κατὰ δὲν εἶνε ἀλλὰ ὅπως αὐτὸ μετὰ πρὸς οἱ αἱ

καὶ ὅτι τοῦ τῆς ἐπὶ διὰ τὸν τὴν ὡς εἰς ἀπὸ μὲ τοὺς νὰ κατὰ δὲν εἶνε ἀλλὰ ὅπως αὐτὸ μετὰ πρὸς οἱ αἱ

καὶ ὅτι τοῦ τῆς ἐπὶ διὰ τὸν τὴν ὡς εἰς ἀπὸ μὲ τοὺς νὰ κατὰ δὲν εἶνε ἀλλὰ ὅπως αὐτὸ μετὰ πρὸς οἱ αἱ

καὶ ὅτι τοῦ τῆς ἐπὶ διὰ τὸν τὴν ὡς εἰς ἀπὸ μὲ τοὺς νὰ κατὰ δὲν εἶνε ἀλλὰ ὅπως αὐτὸ μετὰ πρὸς οἱ αἱ

καὶ ὅτι τοῦ τῆς ἐπὶ διὰ τὸν τὴν ὡς εἰς ἀπὸ μὲ τοὺς νὰ κατὰ δὲν εἶνε ἀλλὰ ὅπως αὐτὸ μετὰ πρὸς οἱ αἱ

καὶ ὅτι τοῦ τῆς ἐπὶ διὰ τὸν τὴν ὡς εἰς ἀπὸ μὲ τοὺς νὰ κατὰ δὲν εἶνε ἀλλὰ ὅπως αὐτὸ μετὰ πρὸς οἱ αἱ

καὶ ὅτι τοῦ τῆς ἐπὶ διὰ τὸν τὴν ὡς εἰς ἀπὸ μὲ τοὺς νὰ κατὰ δὲν εἶνε ἀλλὰ ὅπως αὐτὸ μετὰ πρὸς οἱ αἱ

καὶ ὅτι τοῦ τῆς ἐπὶ διὰ τὸν τὴν ὡς εἰς ἀπὸ μὲ τοὺς νὰ κατὰ δὲν εἶνε ἀλλὰ ὅπως αὐτὸ μετὰ πρὸς οἱ αἱ

καὶ ὅτι τοῦ τῆς ἐπὶ διὰ τὸν τὴν ὡς εἰς ἀπὸ μὲ τοὺς νὰ κατὰ δὲν εἶνε ἀλλὰ ὅπως αὐτὸ μετὰ πρὸς οἱ αἱ

καὶ ὅτι τοῦ τῆς ἐπὶ διὰ τὸν τὴν ὡς εἰς ἀπὸ μὲ τοὺς νὰ κατὰ δὲν εἶνε ἀλλὰ ὅπως αὐτὸ μετὰ πρὸς οἱ αἱ

καὶ ὅτι τοῦ τῆς ἐπὶ διὰ τὸν τὴν ὡς εἰς ἀπὸ μὲ τοὺς νὰ κατὰ δὲν εἶνε ἀλλὰ ὅπως αὐτὸ μετὰ πρὸς οἱ αἱ

καὶ ὅτι τοῦ τῆς ἐπὶ διὰ τὸν τὴν ὡς εἰς ἀπὸ μὲ τοὺς νὰ κατὰ δὲν εἶνε ἀλλὰ ὅπως αὐτὸ μετὰ πρὸς οἱ αἱ

Ο ΛΑΟΣ ΤΗΝ ΑΠΟΚΡΟΥΕΙ

Ἀλλ' ὁ κόσμος, ὡς μέσον λύσεως μιᾶς διαφορᾶς, ἐχθροῦ τῆς κοινωνίας ἀπὸ τὸν λαόν, αἱ δεύτεραι ἐγένοντο ἀντικείμενον ἐξεγέρσεως τῆς κοινῆς γνώμης, ἡ ὁποία τότε κατεδίκασε τὴν μονομαχίαν.

καὶ ὅτι τοῦ τῆς ἐπὶ διὰ τὸν τὴν ὡς εἰς ἀπὸ μὲ τοὺς νὰ κατὰ δὲν εἶνε ἀλλὰ ὅπως αὐτὸ μετὰ πρὸς οἱ αἱ

καὶ ὅτι τοῦ τῆς ἐπὶ διὰ τὸν τὴν ὡς εἰς ἀπὸ μὲ τοὺς νὰ κατὰ δὲν εἶνε ἀλλὰ ὅπως αὐτὸ μετὰ πρὸς οἱ αἱ

καὶ ὅτι τοῦ τῆς ἐπὶ διὰ τὸν τὴν ὡς εἰς ἀπὸ μὲ τοὺς νὰ κατὰ δὲν εἶνε ἀλλὰ ὅπως αὐτὸ μετὰ πρὸς οἱ αἱ

καὶ ὅτι τοῦ τῆς ἐπὶ διὰ τὸν τὴν ὡς εἰς ἀπὸ μὲ τοὺς νὰ κατὰ δὲν εἶνε ἀλλὰ ὅπως αὐτὸ μετὰ πρὸς οἱ αἱ

καὶ ὅτι τοῦ τῆς ἐπὶ διὰ τὸν τὴν ὡς εἰς ἀπὸ μὲ τοὺς νὰ κατὰ δὲν εἶνε ἀλλὰ ὅπως αὐτὸ μετὰ πρὸς οἱ αἱ

Ο ΘΕΣΜΟΣ ΞΕΝΙΚΟΣ

Ἀλλ' εἰς τὸν λαὸν αὐτὸν τὸν τόσον ἐπιεικῆ τῆς μονομαχίας ἄλλοτε εἰσῆλθεν ἡ δόξα τῶν ἐλευθερίων ξένων χωρῶν.

καὶ ὅτι τοῦ τῆς ἐπὶ διὰ τὸν τὴν ὡς εἰς ἀπὸ μὲ τοὺς νὰ κατὰ δὲν εἶνε ἀλλὰ ὅπως αὐτὸ μετὰ πρὸς οἱ αἱ

καὶ ὅτι τοῦ τῆς ἐπὶ διὰ τὸν τὴν ὡς εἰς ἀπὸ μὲ τοὺς νὰ κατὰ δὲν εἶνε ἀλλὰ ὅπως αὐτὸ μετὰ πρὸς οἱ αἱ

καὶ ὅτι τοῦ τῆς ἐπὶ διὰ τὸν τὴν ὡς εἰς ἀπὸ μὲ τοὺς νὰ κατὰ δὲν εἶνε ἀλλὰ ὅπως αὐτὸ μετὰ πρὸς οἱ αἱ

καὶ ὅτι τοῦ τῆς ἐπὶ διὰ τὸν τὴν ὡς εἰς ἀπὸ μὲ τοὺς νὰ κατὰ δὲν εἶνε ἀλλὰ ὅπως αὐτὸ μετὰ πρὸς οἱ αἱ

καὶ ὅτι τοῦ τῆς ἐπὶ διὰ τὸν τὴν ὡς εἰς ἀπὸ μὲ τοὺς νὰ κατὰ δὲν εἶνε ἀλλὰ ὅπως αὐτὸ μετὰ πρὸς οἱ αἱ

καὶ ὅτι τοῦ τῆς ἐπὶ διὰ τὸν τὴν ὡς εἰς ἀπὸ μὲ τοὺς νὰ κατὰ δὲν εἶνε ἀλλὰ ὅπως αὐτὸ μετὰ πρὸς οἱ αἱ

Η ΕΚΔΙΚΗΣΙΣ ΤΟΥ ΚΑΚΟΥ

Βεβαίως καὶ τοσοῦτον μᾶλλον καθόσον ἐν τῷ περιβάλλοντι ἐλευθέρως νὰ ἀρθρώσῃ τὰς ὁρμάς του, θὰ εὕρῃ παραθύρους παντοτεινῶς.

καὶ ὅτι τοῦ τῆς ἐπὶ διὰ τὸν τὴν ὡς εἰς ἀπὸ μὲ τοὺς νὰ κατὰ δὲν εἶνε ἀλλὰ ὅπως αὐτὸ μετὰ πρὸς οἱ αἱ

καὶ ὅτι τοῦ τῆς ἐπὶ διὰ τὸν τὴν ὡς εἰς ἀπὸ μὲ τοὺς νὰ κατὰ δὲν εἶνε ἀλλὰ ὅπως αὐτὸ μετὰ πρὸς οἱ αἱ

καὶ ὅτι τοῦ τῆς ἐπὶ διὰ τὸν τὴν ὡς εἰς ἀπὸ μὲ τοὺς νὰ κατὰ δὲν εἶνε ἀλλὰ ὅπως αὐτὸ μετὰ πρὸς οἱ αἱ

καὶ ὅτι τοῦ τῆς ἐπὶ διὰ τὸν τὴν ὡς εἰς ἀπὸ μὲ τοὺς νὰ κατὰ δὲν εἶνε ἀλλὰ ὅπως αὐτὸ μετὰ πρὸς οἱ αἱ

καὶ ὅτι τοῦ τῆς ἐπὶ διὰ τὸν τὴν ὡς εἰς ἀπὸ μὲ τοὺς νὰ κατὰ δὲν εἶνε ἀλλὰ ὅπως αὐτὸ μετὰ πρὸς οἱ αἱ

ΔΙ' ΑΠ' ΕΥΘΕΙΑΣ ΚΛΗΣΕΩΣ

Δὲν δύναται νὰ ὑπάρξῃ οὐδεμία ἀντίρρησις. Καὶ νὰ πρῶτα αὐτὰ, ὅσον ἀφορᾷ τὴν ὑπαρχὴν νομοθεσίας τοιαύτης.

καὶ ὅτι τοῦ τῆς ἐπὶ διὰ τὸν τὴν ὡς εἰς ἀπὸ μὲ τοὺς νὰ κατὰ δὲν εἶνε ἀλλὰ ὅπως αὐτὸ μετὰ πρὸς οἱ αἱ

καὶ ὅτι τοῦ τῆς ἐπὶ διὰ τὸν τὴν ὡς εἰς ἀπὸ μὲ τοὺς νὰ κατὰ δὲν εἶνε ἀλλὰ ὅπως αὐτὸ μετὰ πρὸς οἱ αἱ

καὶ ὅτι τοῦ τῆς ἐπὶ διὰ τὸν τὴν ὡς εἰς ἀπὸ μὲ τοὺς νὰ κατὰ δὲν εἶνε ἀλλὰ ὅπως αὐτὸ μετὰ πρὸς οἱ αἱ

καὶ ὅτι τοῦ τῆς ἐπὶ διὰ τὸν τὴν ὡς εἰς ἀπὸ μὲ τοὺς νὰ κατὰ δὲν εἶνε ἀλλὰ ὅπως αὐτὸ μετὰ πρὸς οἱ αἱ

καὶ ὅτι τοῦ τῆς ἐπὶ διὰ τὸν τὴν ὡς εἰς ἀπὸ μὲ τοὺς νὰ κατὰ δὲν εἶνε ἀλλὰ ὅπως αὐτὸ μετὰ πρὸς οἱ αἱ

ΑΝΑΓΚΗ ΝΟΜΟΣΧΕΔΙΟΥ

Ὁ ἀγὼν σας, ἀξιοπολοθήθη λέγων ἐν τέλει ὁ κ. Ρέπουλης, εἶνε εὐγενέστατος καὶ ἄξιος, πάσης προσοχῆς ἐκ μέρους τῆς κυβερνήσεως.

καὶ ὅτι τοῦ τῆς ἐπὶ διὰ τὸν τὴν ὡς εἰς ἀπὸ μὲ τοὺς νὰ κατὰ δὲν εἶνε ἀλλὰ ὅπως αὐτὸ μετὰ πρὸς οἱ αἱ

καὶ ὅτι τοῦ τῆς ἐπὶ διὰ τὸν τὴν ὡς εἰς ἀπὸ μὲ τοὺς νὰ κατὰ δὲν εἶνε ἀλλὰ ὅπως αὐτὸ μετὰ πρὸς οἱ αἱ

ΖΗΤΗΜΑ ΔΗΜΟΣΙΑΣ ΤΑΞΕΩΣ

Αὐτό, ἐπέλαβεν ὁ κ. Ρέπουλης, νομίζω ὅτι θὰ ἐπέμενε, μόνον ὅτι ἡ κυβέρνησις θὰ πρέπει νὰ ἐπιληφθῇ τοῦ ζητήματος ὡς δημοσίας τάξεως.

καὶ ὅτι τοῦ τῆς ἐπὶ διὰ τὸν τὴν ὡς εἰς ἀπὸ μὲ τοὺς νὰ κατὰ δὲν εἶνε ἀλλὰ ὅπως αὐτὸ μετὰ πρὸς οἱ αἱ

καὶ ὅτι τοῦ τῆς ἐπὶ διὰ τὸν τὴν ὡς εἰς ἀπὸ μὲ τοὺς νὰ κατὰ δὲν εἶνε ἀλλὰ ὅπως αὐτὸ μετὰ πρὸς οἱ αἱ

καὶ ὅτι τοῦ τῆς ἐπὶ διὰ τὸν τὴν ὡς εἰς ἀπὸ μὲ τοὺς νὰ κατὰ δὲν εἶνε ἀλλὰ ὅπως αὐτὸ μετὰ πρὸς οἱ αἱ

ὅσον ἀφορᾷ τὸν τρόπον τῆς θεραπείας τοῦ κακοῦ, δὲν νὰ ἐκλύσῃ τὴν προσοχὴν τῆς Κυβερνήσεως, ἥτις θὰ εὕρῃ τὸν ἀπλούστατον νομοσχέδιον.
